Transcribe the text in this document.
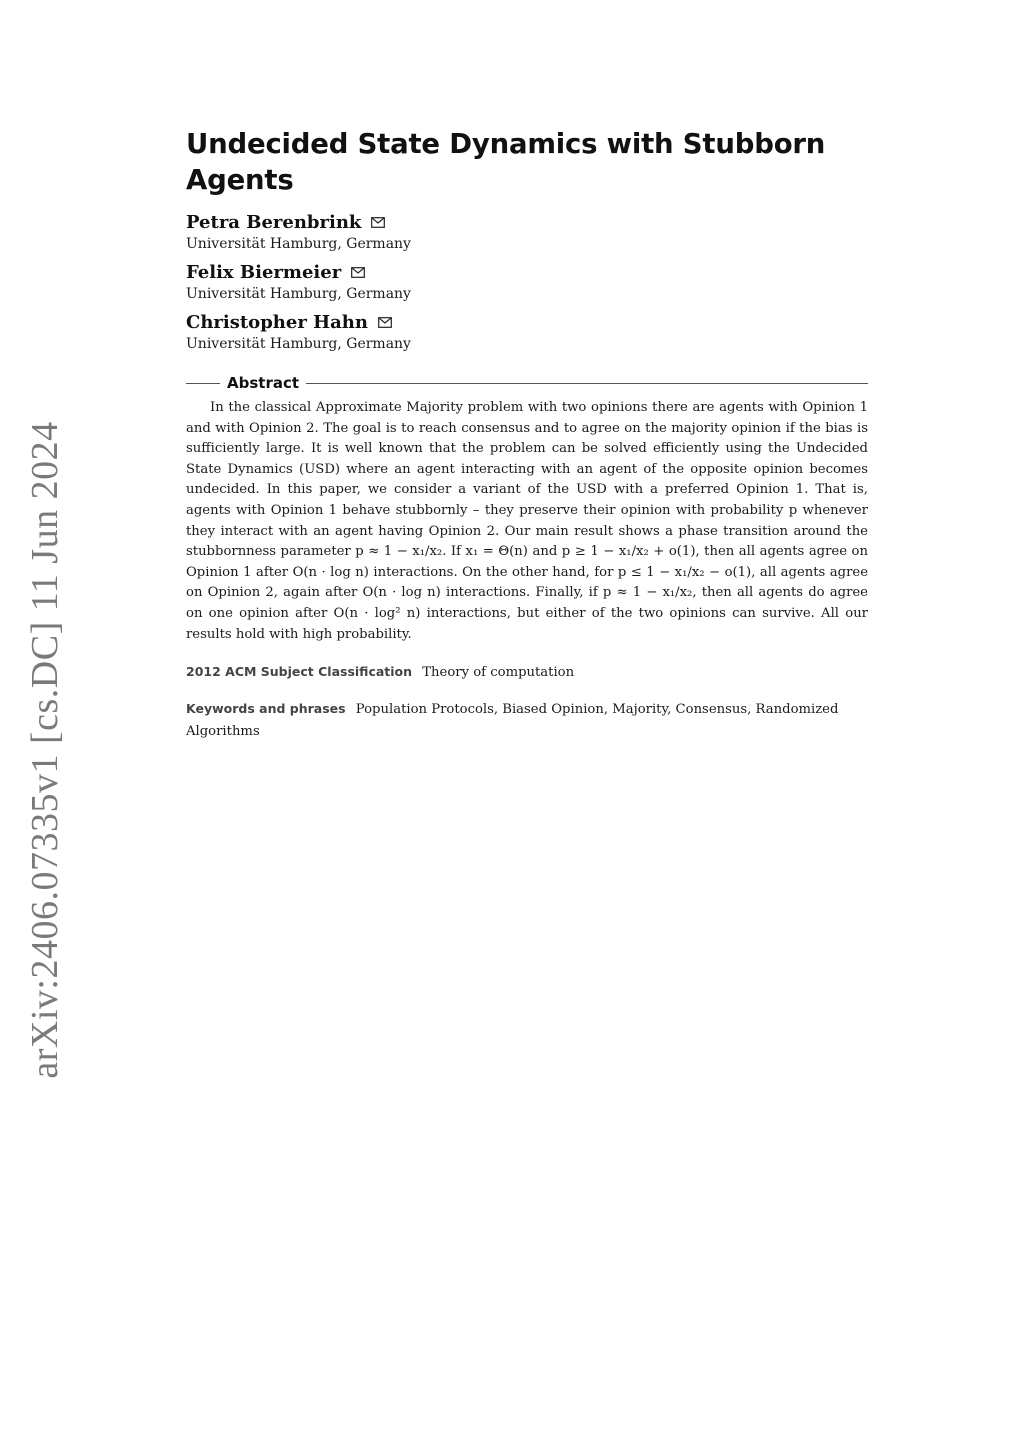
arXiv:2406.07335v1 [cs.DC] 11 Jun 2024
Undecided State Dynamics with Stubborn Agents
Petra Berenbrink
Universität Hamburg, Germany
Felix Biermeier
Universität Hamburg, Germany
Christopher Hahn
Universität Hamburg, Germany
Abstract

In the classical Approximate Majority problem with two opinions there are agents with Opinion 1 and with Opinion 2. The goal is to reach consensus and to agree on the majority opinion if the bias is sufficiently large. It is well known that the problem can be solved efficiently using the Undecided State Dynamics (USD) where an agent interacting with an agent of the opposite opinion becomes undecided. In this paper, we consider a variant of the USD with a preferred Opinion 1. That is, agents with Opinion 1 behave stubbornly – they preserve their opinion with probability p whenever they interact with an agent having Opinion 2. Our main result shows a phase transition around the stubbornness parameter p ≈ 1 − x₁/x₂. If x₁ = Θ(n) and p ≥ 1 − x₁/x₂ + o(1), then all agents agree on Opinion 1 after O(n · log n) interactions. On the other hand, for p ≤ 1 − x₁/x₂ − o(1), all agents agree on Opinion 2, again after O(n · log n) interactions. Finally, if p ≈ 1 − x₁/x₂, then all agents do agree on one opinion after O(n · log² n) interactions, but either of the two opinions can survive. All our results hold with high probability.

2012 ACM Subject Classification Theory of computation
Keywords and phrases Population Protocols, Biased Opinion, Majority, Consensus, Randomized Algorithms
